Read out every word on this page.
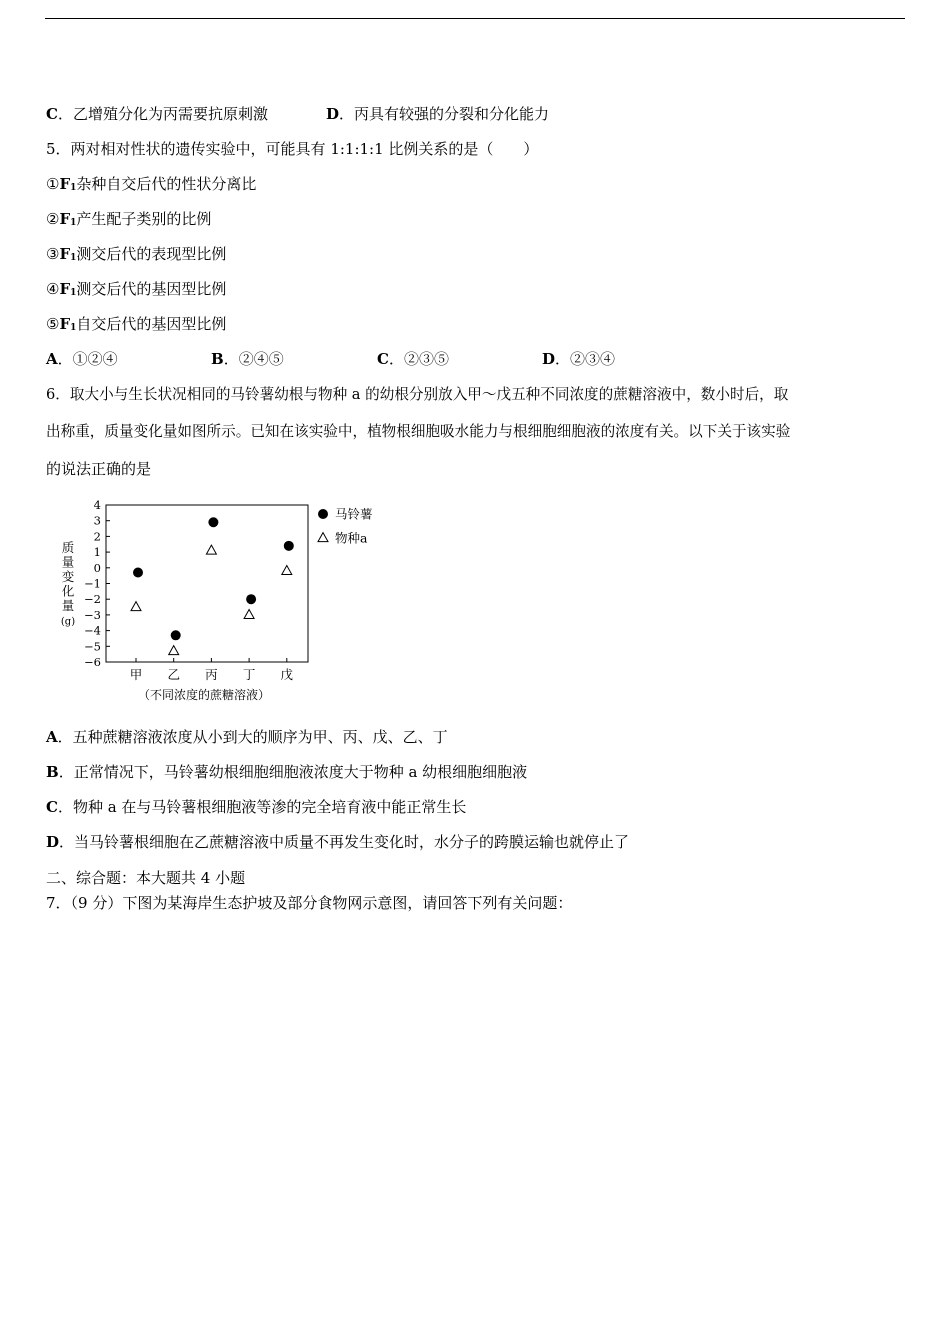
C．乙增殖分化为丙需要抗原刺激	D．丙具有较强的分裂和分化能力
5．两对相对性状的遗传实验中，可能具有 1:1:1:1 比例关系的是（　　）
$①F_1$杂种自交后代的性状分离比
$②F_1$产生配子类别的比例
$③F_1$测交后代的表现型比例
$④F_1$测交后代的基因型比例
$⑤F_1$自交后代的基因型比例
A．①②④	B．②④⑤	C．②③⑤	D．②③④
6．取大小与生长状况相同的马铃薯幼根与物种 a 的幼根分别放入甲～戊五种不同浓度的蔗糖溶液中，数小时后，取
出称重，质量变化量如图所示。已知在该实验中，植物根细胞吸水能力与根细胞细胞液的浓度有关。以下关于该实验
的说法正确的是
质
量
变
化
量
(g)
4
3
2
1
0
−1
−2
−3
−4
−5
−6
甲 乙 丙 丁 戊
（不同浓度的蔗糖溶液）
马铃薯
物种a
A．五种蔗糖溶液浓度从小到大的顺序为甲、丙、戊、乙、丁
B．正常情况下，马铃薯幼根细胞细胞液浓度大于物种 a 幼根细胞细胞液
C．物种 a 在与马铃薯根细胞液等渗的完全培育液中能正常生长
D．当马铃薯根细胞在乙蔗糖溶液中质量不再发生变化时，水分子的跨膜运输也就停止了
二、综合题：本大题共 4 小题
7．（9 分）下图为某海岸生态护坡及部分食物网示意图，请回答下列有关问题：
